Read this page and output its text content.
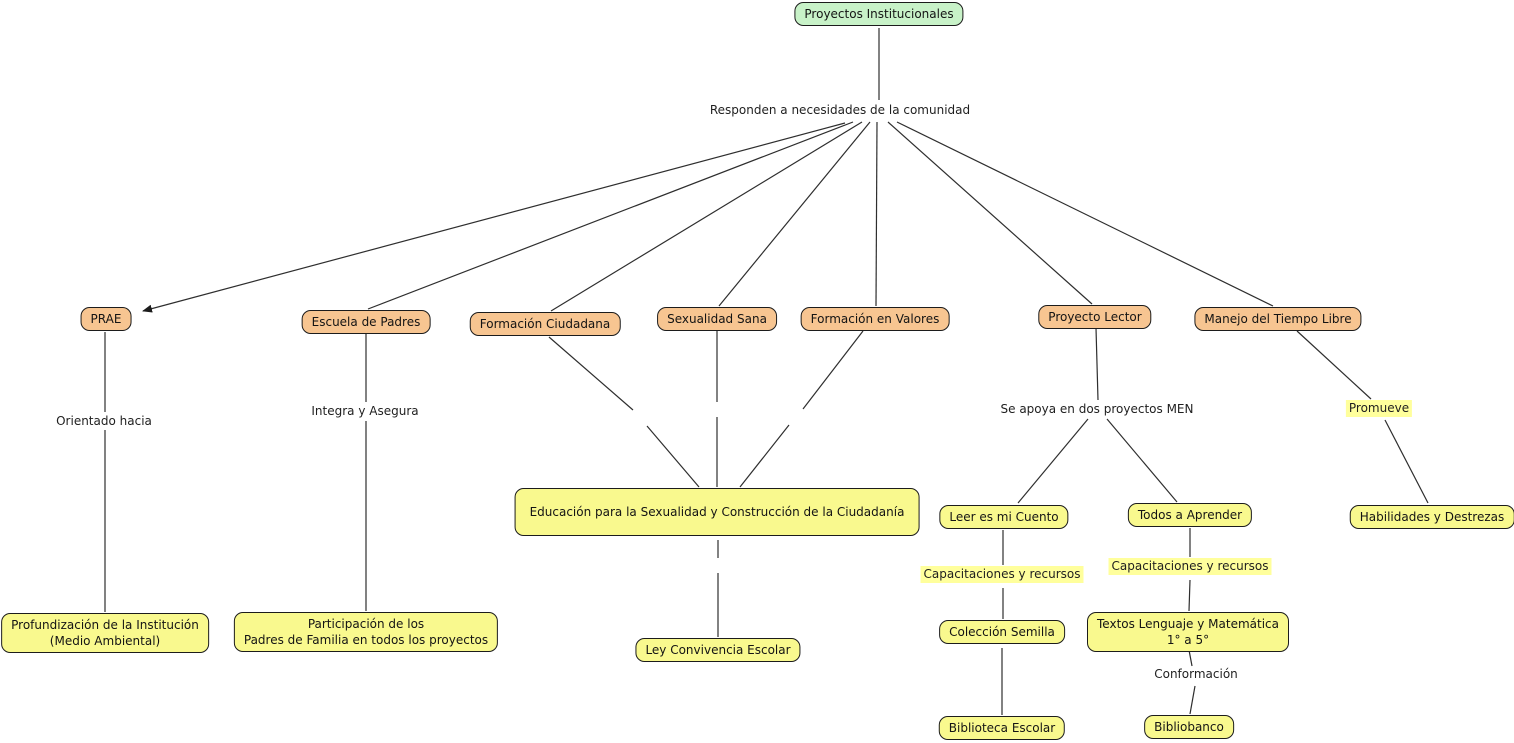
Proyectos Institucionales
PRAE	Escuela de Padres	Formación Ciudadana	Sexualidad Sana	Formación en Valores	Proyecto Lector	Manejo del Tiempo Libre
Educación para la Sexualidad y Construcción de la Ciudadanía	Leer es mi Cuento	Todos a Aprender	Habilidades y Destrezas
Colección Semilla
Textos Lenguaje y Matemática
1° a 5°
Profundización de la Institución
(Medio Ambiental)
Participación de los
Padres de Familia en todos los proyectos
Ley Convivencia Escolar
Biblioteca Escolar	Bibliobanco
Responden a necesidades de la comunidad
Orientado hacia
Integra y Asegura	Se apoya en dos proyectos MEN	Promueve
Capacitaciones y recursos
Capacitaciones y recursos
Conformación
